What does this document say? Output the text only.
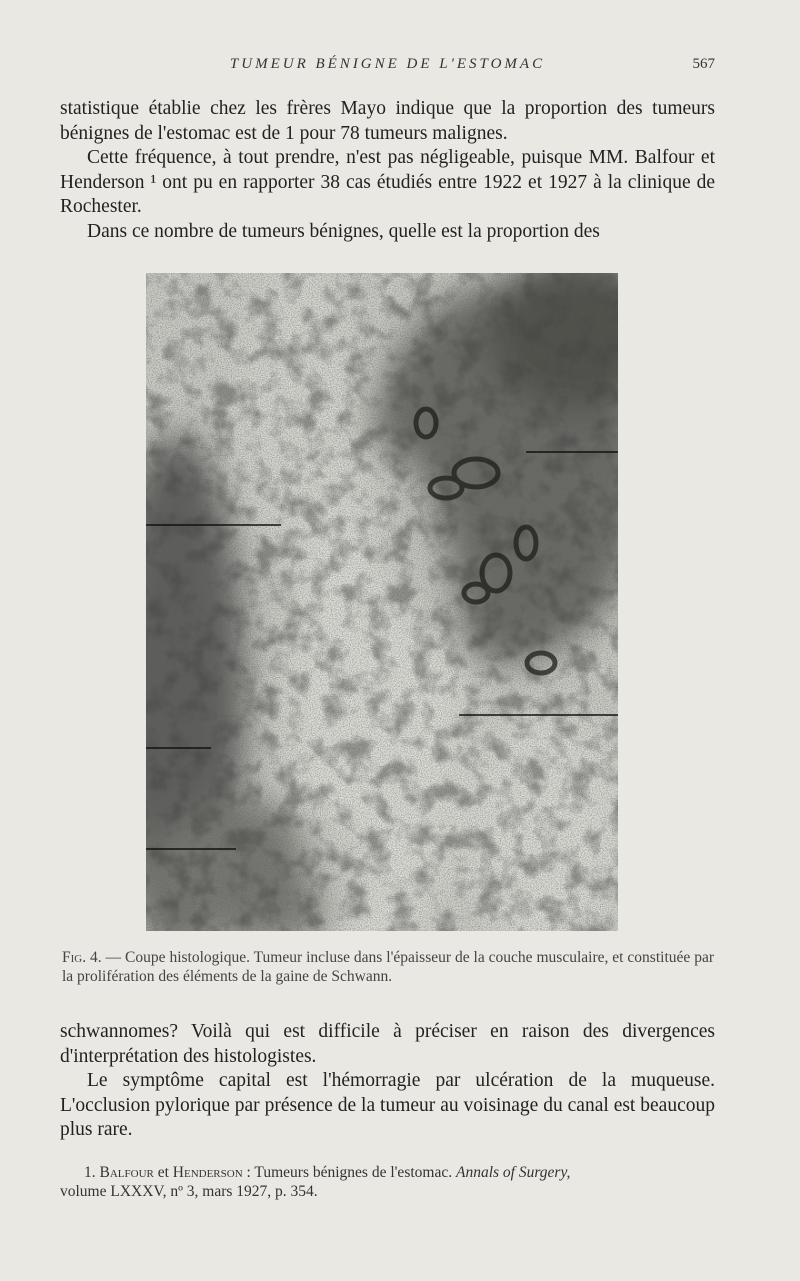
TUMEUR BÉNIGNE DE L'ESTOMAC	567

statistique établie chez les frères Mayo indique que la proportion des tumeurs bénignes de l'estomac est de 1 pour 78 tumeurs malignes.

Cette fréquence, à tout prendre, n'est pas négligeable, puisque MM. Balfour et Henderson ¹ ont pu en rapporter 38 cas étudiés entre 1922 et 1927 à la clinique de Rochester.

Dans ce nombre de tumeurs bénignes, quelle est la proportion des

Fig. 4. — Coupe histologique. Tumeur incluse dans l'épaisseur de la couche musculaire, et constituée par la prolifération des éléments de la gaine de Schwann.

schwannomes? Voilà qui est difficile à préciser en raison des divergences d'interprétation des histologistes.

Le symptôme capital est l'hémorragie par ulcération de la muqueuse. L'occlusion pylorique par présence de la tumeur au voisinage du canal est beaucoup plus rare.

1. Balfour et Henderson : Tumeurs bénignes de l'estomac. Annals of Surgery,
volume LXXXV, nº 3, mars 1927, p. 354.
